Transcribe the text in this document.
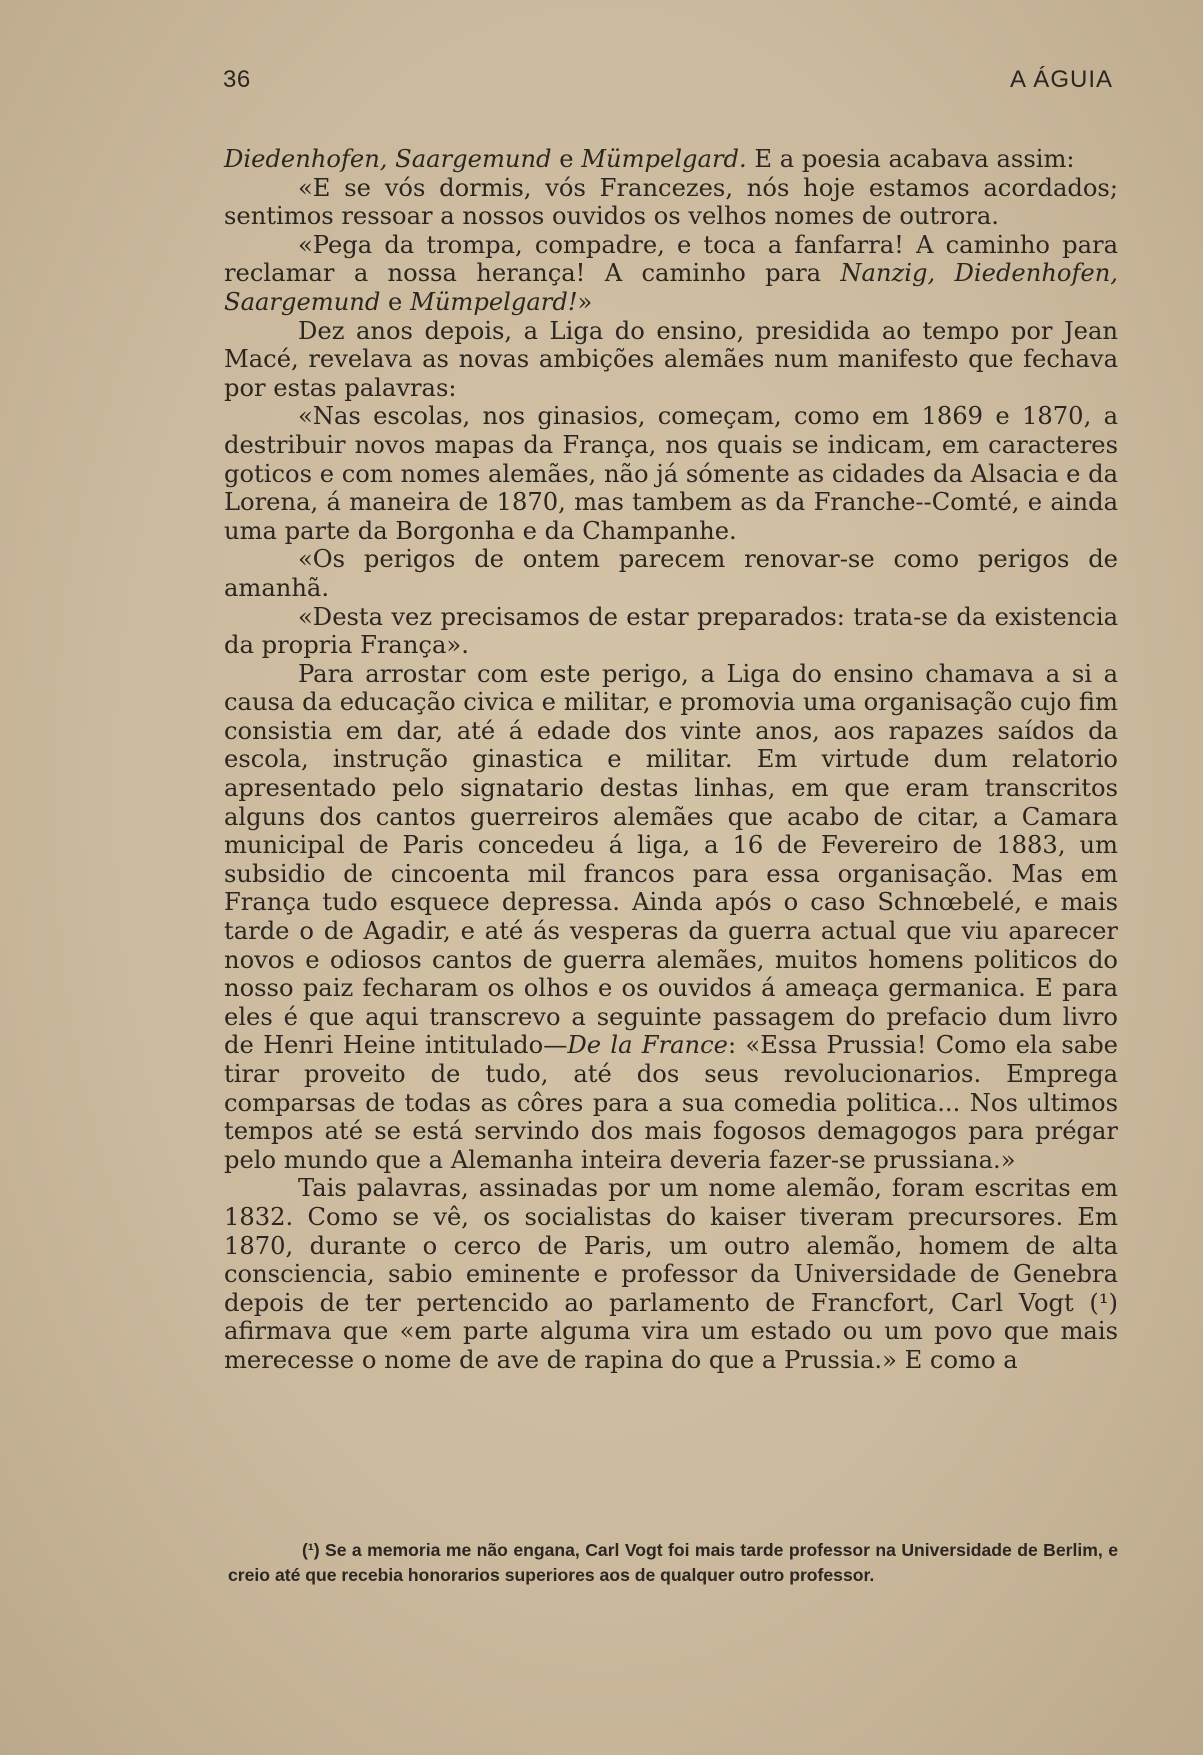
36	A ÁGUIA

Diedenhofen, Saargemund e Mümpelgard. E a poesia acabava assim:

«E se vós dormis, vós Francezes, nós hoje estamos acordados; sentimos ressoar a nossos ouvidos os velhos nomes de outrora.

«Pega da trompa, compadre, e toca a fanfarra! A caminho para reclamar a nossa herança! A caminho para Nanzig, Diedenhofen, Saargemund e Mümpelgard!»

Dez anos depois, a Liga do ensino, presidida ao tempo por Jean Macé, revelava as novas ambições alemães num manifesto que fechava por estas palavras:

«Nas escolas, nos ginasios, começam, como em 1869 e 1870, a destribuir novos mapas da França, nos quais se indicam, em caracteres goticos e com nomes alemães, não já sómente as cidades da Alsacia e da Lorena, á maneira de 1870, mas tambem as da Franche--Comté, e ainda uma parte da Borgonha e da Champanhe.

«Os perigos de ontem parecem renovar-se como perigos de amanhã.

«Desta vez precisamos de estar preparados: trata-se da existencia da propria França».

Para arrostar com este perigo, a Liga do ensino chamava a si a causa da educação civica e militar, e promovia uma organisação cujo fim consistia em dar, até á edade dos vinte anos, aos rapazes saídos da escola, instrução ginastica e militar. Em virtude dum relatorio apresentado pelo signatario destas linhas, em que eram transcritos alguns dos cantos guerreiros alemães que acabo de citar, a Camara municipal de Paris concedeu á liga, a 16 de Fevereiro de 1883, um subsidio de cincoenta mil francos para essa organisação. Mas em França tudo esquece depressa. Ainda após o caso Schnœbelé, e mais tarde o de Agadir, e até ás vesperas da guerra actual que viu aparecer novos e odiosos cantos de guerra alemães, muitos homens politicos do nosso paiz fecharam os olhos e os ouvidos á ameaça germanica. E para eles é que aqui transcrevo a seguinte passagem do prefacio dum livro de Henri Heine intitulado—De la France: «Essa Prussia! Como ela sabe tirar proveito de tudo, até dos seus revolucionarios. Emprega comparsas de todas as côres para a sua comedia politica... Nos ultimos tempos até se está servindo dos mais fogosos demagogos para prégar pelo mundo que a Alemanha inteira deveria fazer-se prussiana.»

Tais palavras, assinadas por um nome alemão, foram escritas em 1832. Como se vê, os socialistas do kaiser tiveram precursores. Em 1870, durante o cerco de Paris, um outro alemão, homem de alta consciencia, sabio eminente e professor da Universidade de Genebra depois de ter pertencido ao parlamento de Francfort, Carl Vogt (¹) afirmava que «em parte alguma vira um estado ou um povo que mais merecesse o nome de ave de rapina do que a Prussia.» E como a

(¹) Se a memoria me não engana, Carl Vogt foi mais tarde professor na Universidade de Berlim, e creio até que recebia honorarios superiores aos de qualquer outro professor.
